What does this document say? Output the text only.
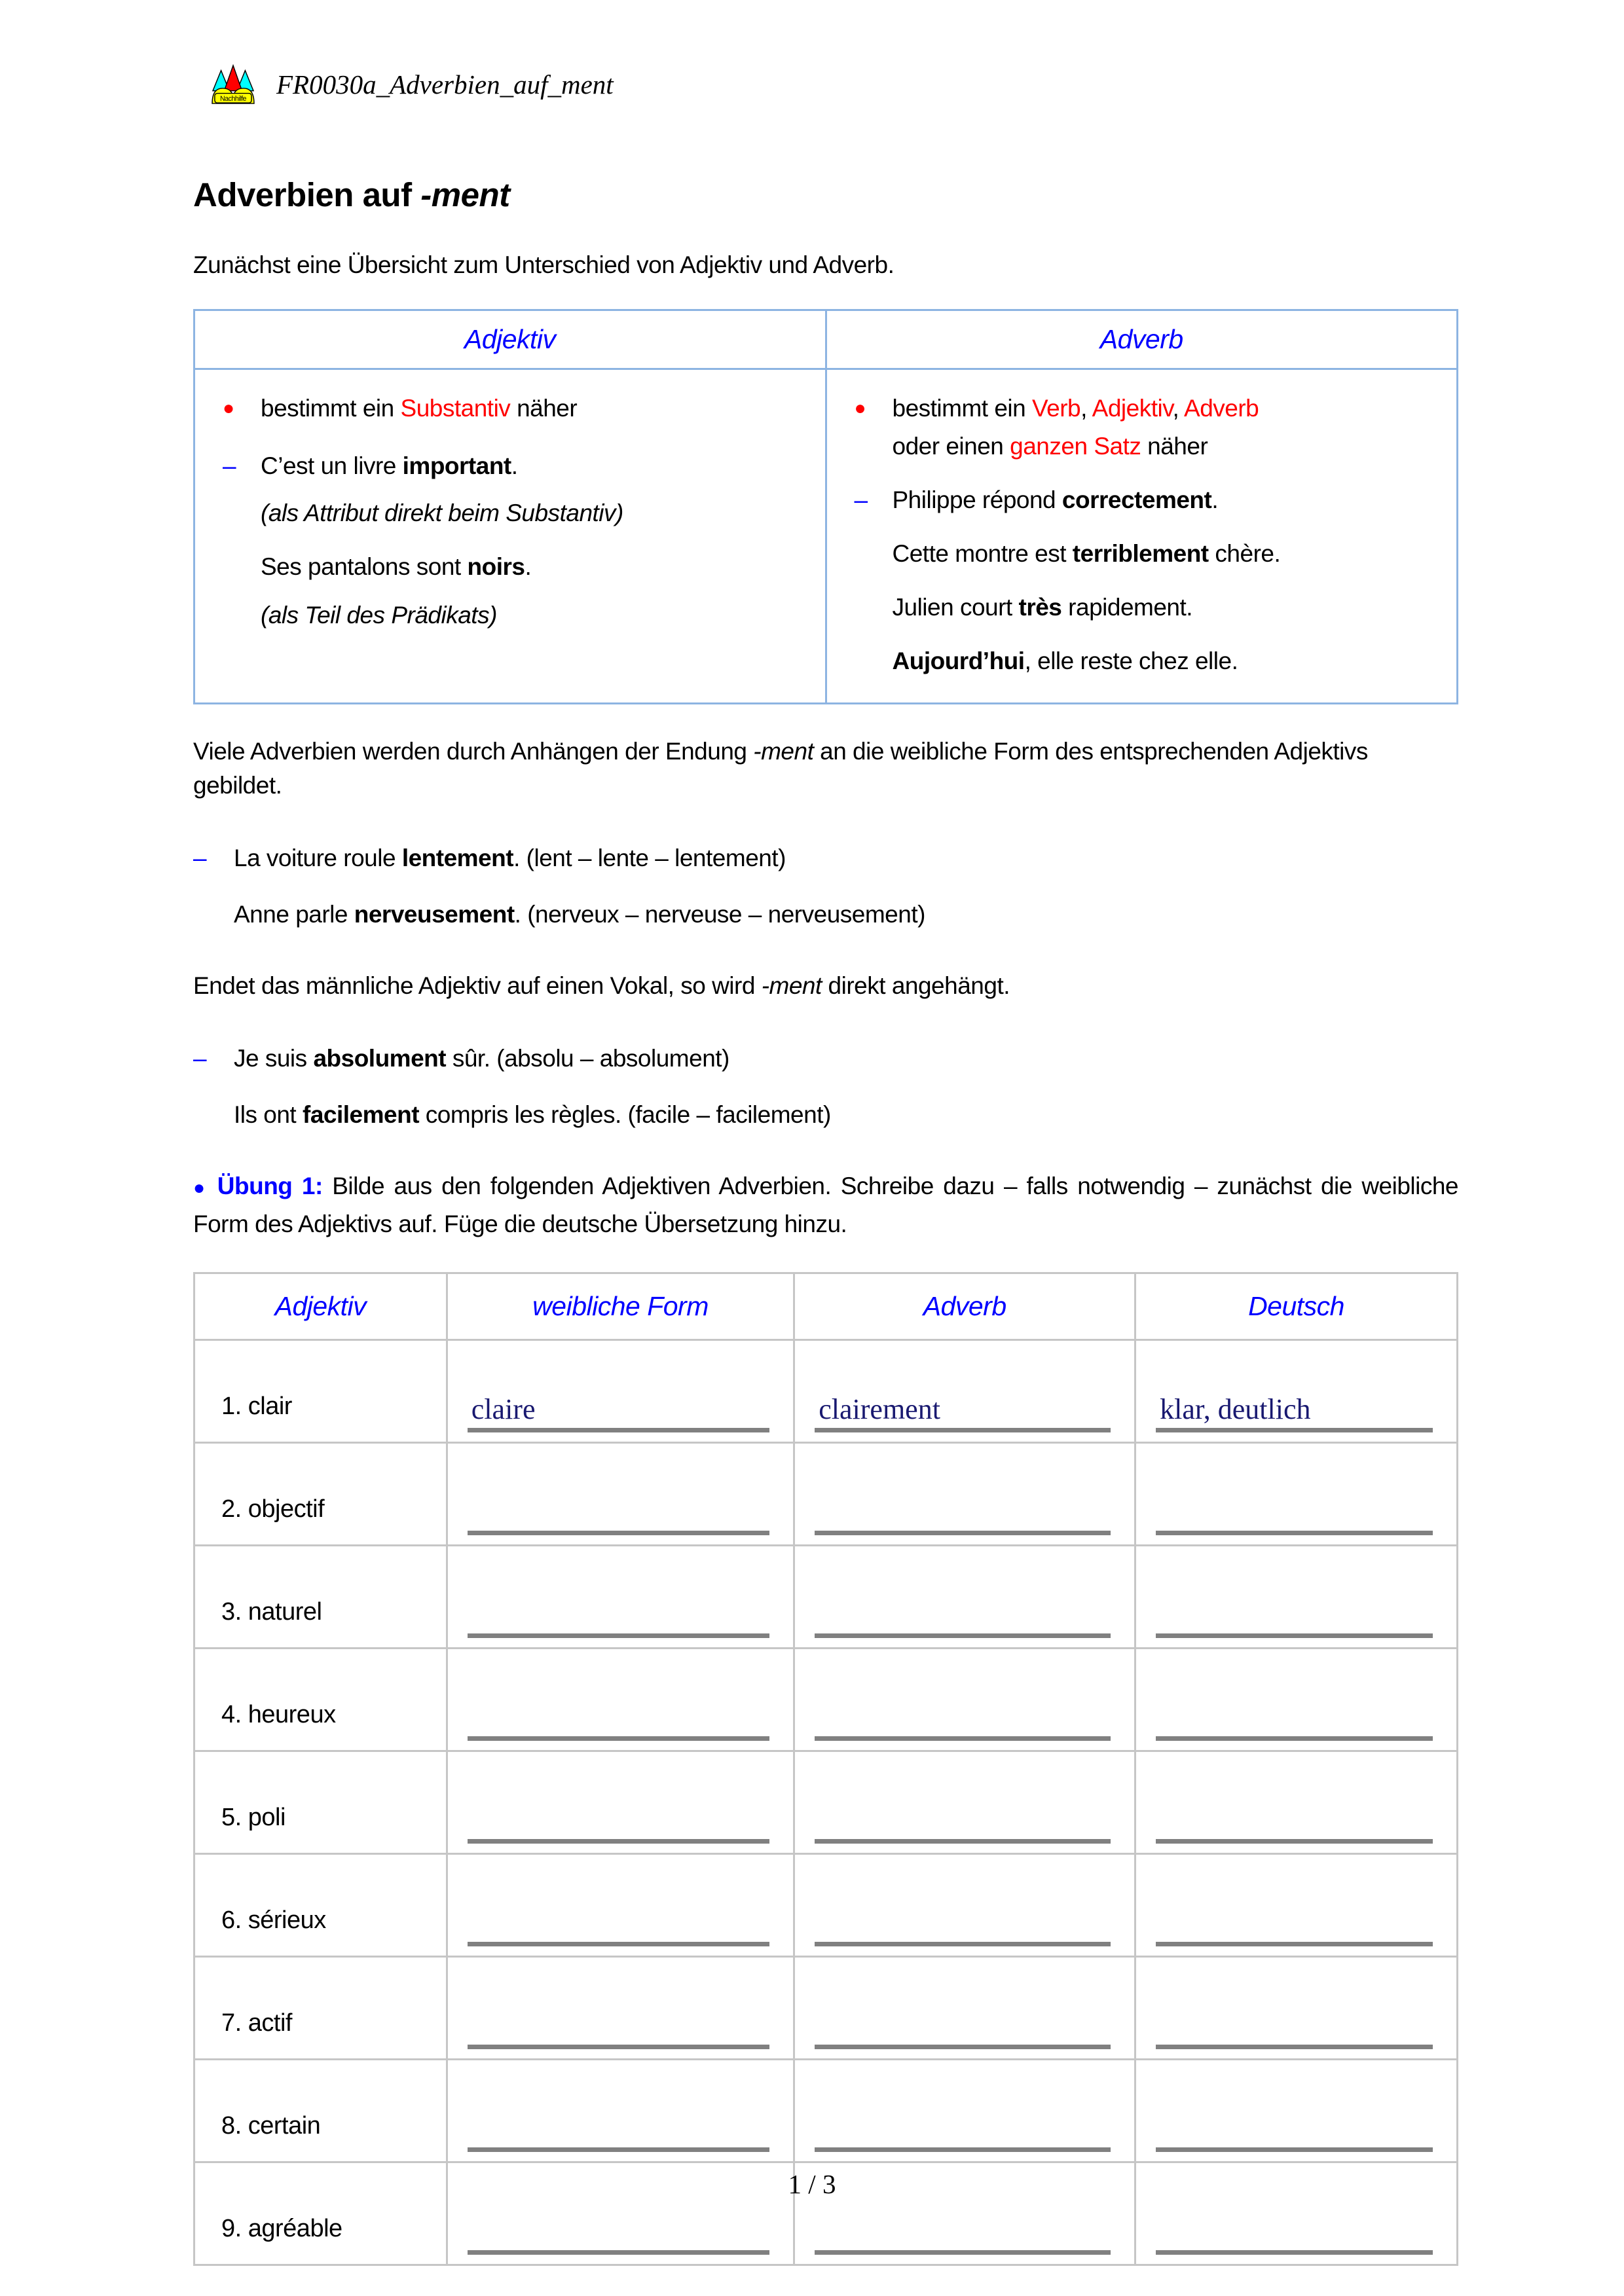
Nachhilfe FR0030a_Adverbien_auf_ment
Adverbien auf -ment

Zunächst eine Übersicht zum Unterschied von Adjektiv und Adverb.

Adjektiv	Adverb

●	bestimmt ein Substantiv näher
–	C’est un livre important.
(als Attribut direkt beim Substantiv)
Ses pantalons sont noirs.
(als Teil des Prädikats)

●	bestimmt ein Verb, Adjektiv, Adverb
oder einen ganzen Satz näher
–	Philippe répond correctement.
Cette montre est terriblement chère.
Julien court très rapidement.
Aujourd’hui, elle reste chez elle.

Viele Adverbien werden durch Anhängen der Endung -ment an die weibliche Form des entsprechenden Adjektivs gebildet.

–	La voiture roule lentement. (lent – lente – lentement)
Anne parle nerveusement. (nerveux – nerveuse – nerveusement)

Endet das männliche Adjektiv auf einen Vokal, so wird -ment direkt angehängt.

–	Je suis absolument sûr. (absolu – absolument)
Ils ont facilement compris les règles. (facile – facilement)

● Übung 1: Bilde aus den folgenden Adjektiven Adverbien. Schreibe dazu – falls notwendig – zunächst die weibliche Form des Adjektivs auf. Füge die deutsche Übersetzung hinzu.

Adjektiv	weibliche Form	Adverb	Deutsch
1. clair	claire	clairement	klar, deutlich

2. objectif	

3. naturel	

4. heureux	

5. poli	

6. sérieux	

7. actif	

8. certain	

9. agréable	

1 / 3
